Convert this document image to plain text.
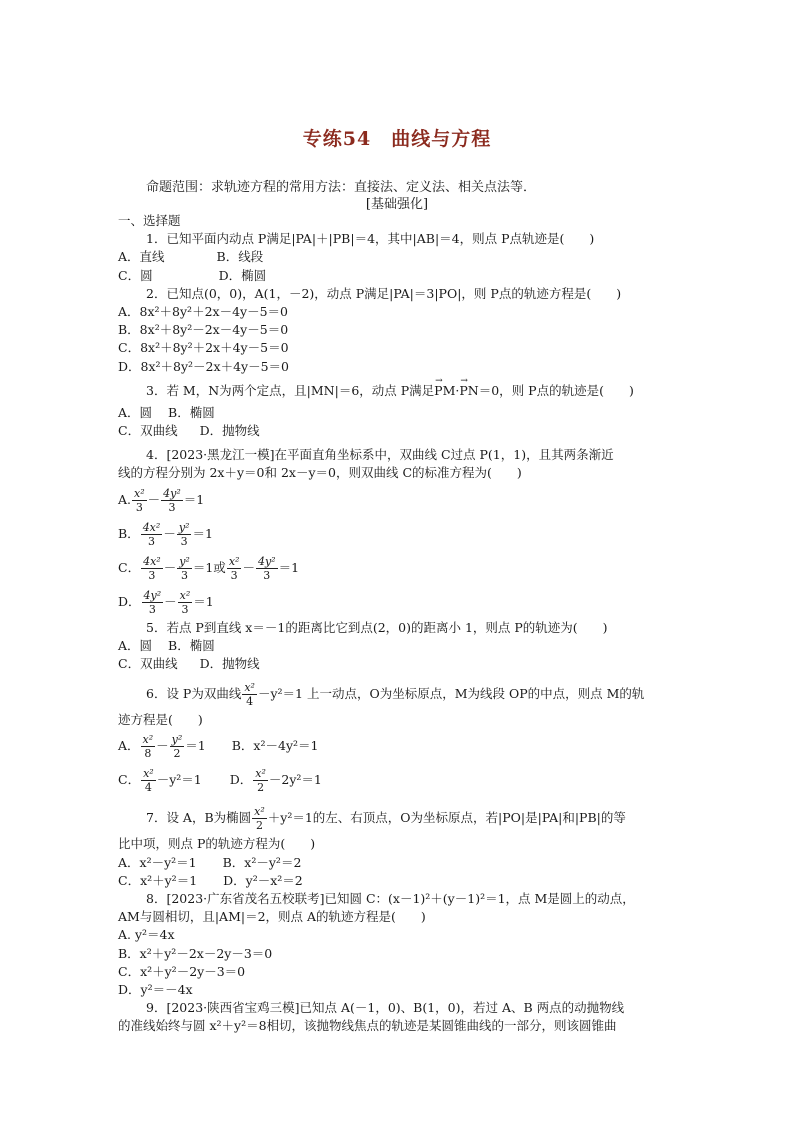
专练54　曲线与方程
命题范围：求轨迹方程的常用方法：直接法、定义法、相关点法等．
[基础强化]
一、选择题
1．已知平面内动点 P满足|PA|＋|PB|＝4，其中|AB|＝4，则点 P点轨迹是(　　)
A．直线	B．线段
C．圆	D．椭圆
2．已知点(0，0)，A(1，－2)，动点 P满足|PA|＝3|PO|，则 P点的轨迹方程是(　　)
A．8x²＋8y²＋2x－4y－5＝0
B．8x²＋8y²－2x－4y－5＝0
C．8x²＋8y²＋2x＋4y－5＝0
D．8x²＋8y²－2x＋4y－5＝0
3．若 M，N为两个定点，且|MN|＝6，动点 P满足→ PM·→ PN＝0，则 P点的轨迹是(　　)
A．圆 B．椭圆
C．双曲线 D．抛物线
4．[2023·黑龙江一模]在平面直角坐标系中，双曲线 C过点 P(1，1)，且其两条渐近
线的方程分别为 2x＋y＝0和 2x－y＝0，则双曲线 C的标准方程为(　　)
A. $\frac{\text{x²}}{3} - \frac{\text{4y²}}{3} =1$
B． $\frac{\text{4x²}}{3} - \frac{\text{y²}}{3} =1$
C． $\frac{\text{4x²}}{3} - \frac{\text{y²}}{3} =1$或 $\frac{\text{x²}}{3} - \frac{\text{4y²}}{3} =1$
D． $\frac{\text{4y²}}{3} - \frac{\text{x²}}{3} =1$
5．若点 P到直线 x＝－1的距离比它到点(2，0)的距离小 1，则点 P的轨迹为(　　)
A．圆 B．椭圆
C．双曲线 D．抛物线
6．设 P为双曲线 $\frac{\text{x²}}{4} -y^2=1$ 上一动点，O为坐标原点，M为线段 OP的中点，则点 M的轨
迹方程是(　　)
A． $\frac{\text{x²}}{8} - \frac{\text{y²}}{2} =1$ B．x²－4y²＝1
C． $\frac{\text{x²}}{4} -y^2=1$ D． $\frac{\text{x²}}{2} -2y^2=1$
7．设 A，B为椭圆 $\frac{\text{x²}}{2} +y^2=1$的左、右顶点，O为坐标原点，若|PO|是|PA|和|PB|的等
比中项，则点 P的轨迹方程为(　　)
A．x²－y²＝1 B．x²－y²＝2
C．x²＋y²＝1 D．y²－x²＝2
8．[2023·广东省茂名五校联考]已知圆 C：(x－1)²＋(y－1)²＝1，点 M是圆上的动点，
AM与圆相切，且|AM|＝2，则点 A的轨迹方程是(　　)
A. y²＝4x
B．x²＋y²－2x－2y－3＝0
C．x²＋y²－2y－3＝0
D．y²＝－4x
9．[2023·陕西省宝鸡三模]已知点 A(－1，0)、B(1，0)，若过 A、B 两点的动抛物线
的准线始终与圆 x²＋y²＝8相切，该抛物线焦点的轨迹是某圆锥曲线的一部分，则该圆锥曲
